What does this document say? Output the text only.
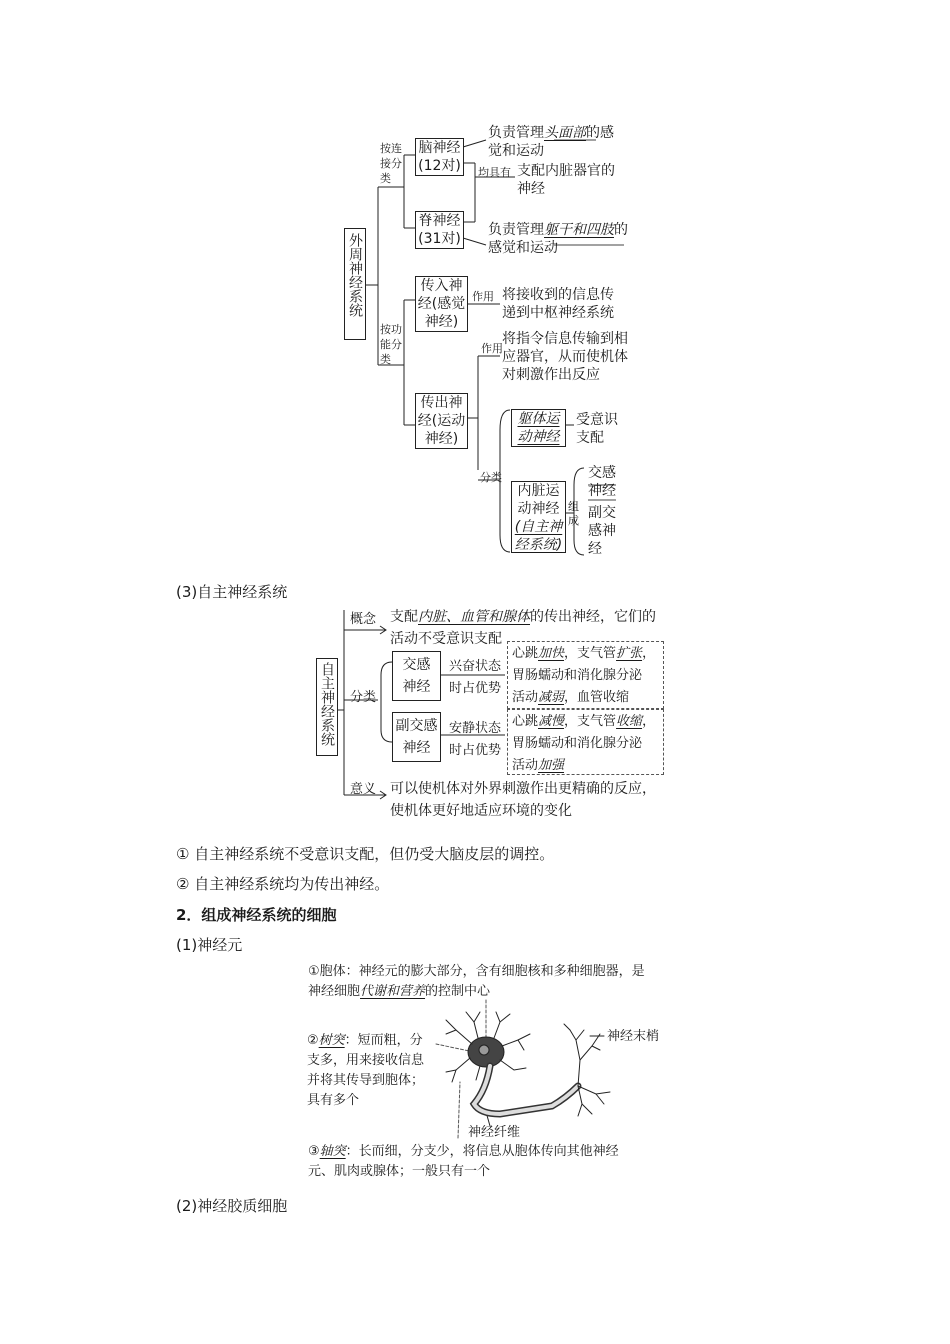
外周神经系统
按连接分类
脑神经
(12对)
负责管理头面部的感
觉和运动
均具有 支配内脏器官的
神经
脊神经
(31对)
负责管理躯干和四肢的
感觉和运动
按功能分类
传入神
经(感觉
神经)
作用 将接收到的信息传
递到中枢神经系统
作用
将指令信息传输到相
应器官，从而使机体
对刺激作出反应
传出神
经(运动
神经)
分类
躯体运
动神经
受意识
支配
内脏运
动神经
(自主神
经系统)
组成
交感
神经
副交
感神
经
(3)自主神经系统
自主神经系统
概念 支配内脏、血管和腺体的传出神经，它们的
活动不受意识支配
分类
交感
神经
兴奋状态
时占优势
心跳加快，支气管扩张，
胃肠蠕动和消化腺分泌
活动减弱，血管收缩
副交感
神经
安静状态
时占优势
心跳减慢，支气管收缩，
胃肠蠕动和消化腺分泌
活动加强
意义 可以使机体对外界刺激作出更精确的反应，
使机体更好地适应环境的变化
① 自主神经系统不受意识支配，但仍受大脑皮层的调控。
② 自主神经系统均为传出神经。
2．组成神经系统的细胞
(1)神经元
①胞体：神经元的膨大部分，含有细胞核和多种细胞器，是
神经细胞代谢和营养的控制中心
②树突：短而粗，分
支多，用来接收信息
并将其传导到胞体；
具有多个
神经末梢
神经纤维
③轴突：长而细，分支少，将信息从胞体传向其他神经
元、肌肉或腺体；一般只有一个
(2)神经胶质细胞
